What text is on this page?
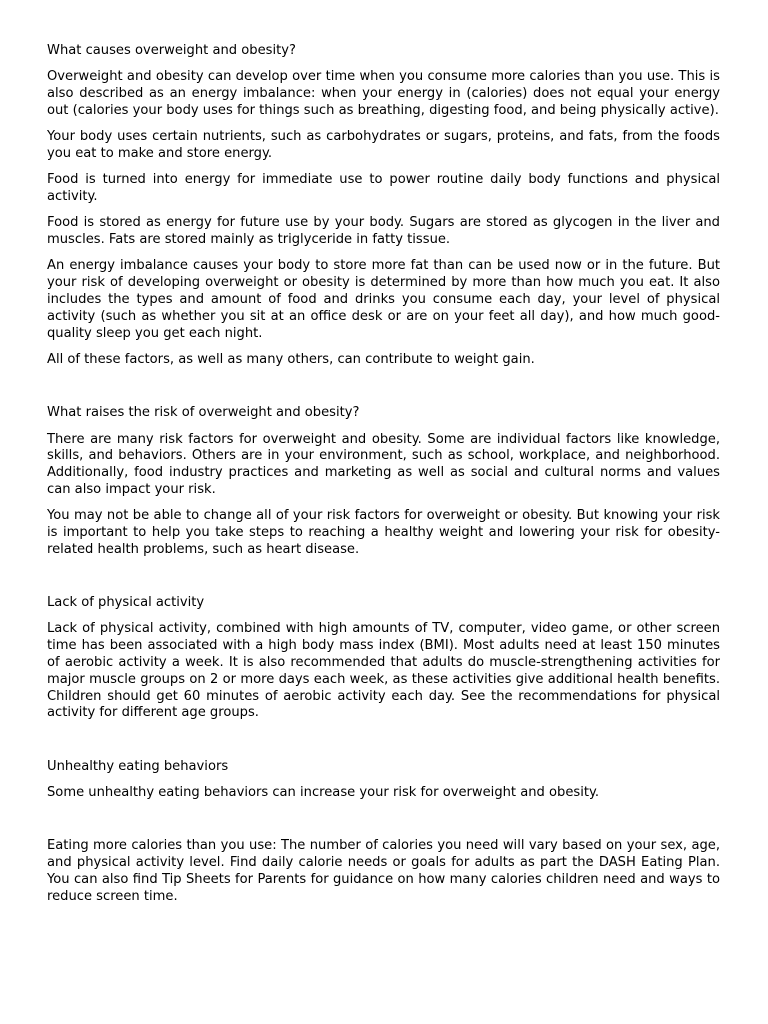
What causes overweight and obesity?

Overweight and obesity can develop over time when you consume more calories than you use. This is also described as an energy imbalance: when your energy in (calories) does not equal your energy out (calories your body uses for things such as breathing, digesting food, and being physically active).

Your body uses certain nutrients, such as carbohydrates or sugars, proteins, and fats, from the foods you eat to make and store energy.

Food is turned into energy for immediate use to power routine daily body functions and physical activity.

Food is stored as energy for future use by your body. Sugars are stored as glycogen in the liver and muscles. Fats are stored mainly as triglyceride in fatty tissue.

An energy imbalance causes your body to store more fat than can be used now or in the future. But your risk of developing overweight or obesity is determined by more than how much you eat. It also includes the types and amount of food and drinks you consume each day, your level of physical activity (such as whether you sit at an office desk or are on your feet all day), and how much good-quality sleep you get each night.

All of these factors, as well as many others, can contribute to weight gain.

What raises the risk of overweight and obesity?

There are many risk factors for overweight and obesity. Some are individual factors like knowledge, skills, and behaviors. Others are in your environment, such as school, workplace, and neighborhood. Additionally, food industry practices and marketing as well as social and cultural norms and values can also impact your risk.

You may not be able to change all of your risk factors for overweight or obesity. But knowing your risk is important to help you take steps to reaching a healthy weight and lowering your risk for obesity-related health problems, such as heart disease.

Lack of physical activity

Lack of physical activity, combined with high amounts of TV, computer, video game, or other screen time has been associated with a high body mass index (BMI). Most adults need at least 150 minutes of aerobic activity a week. It is also recommended that adults do muscle-strengthening activities for major muscle groups on 2 or more days each week, as these activities give additional health benefits. Children should get 60 minutes of aerobic activity each day. See the recommendations for physical activity for different age groups.

Unhealthy eating behaviors

Some unhealthy eating behaviors can increase your risk for overweight and obesity.

Eating more calories than you use: The number of calories you need will vary based on your sex, age, and physical activity level. Find daily calorie needs or goals for adults as part the DASH Eating Plan. You can also find Tip Sheets for Parents for guidance on how many calories children need and ways to reduce screen time.
